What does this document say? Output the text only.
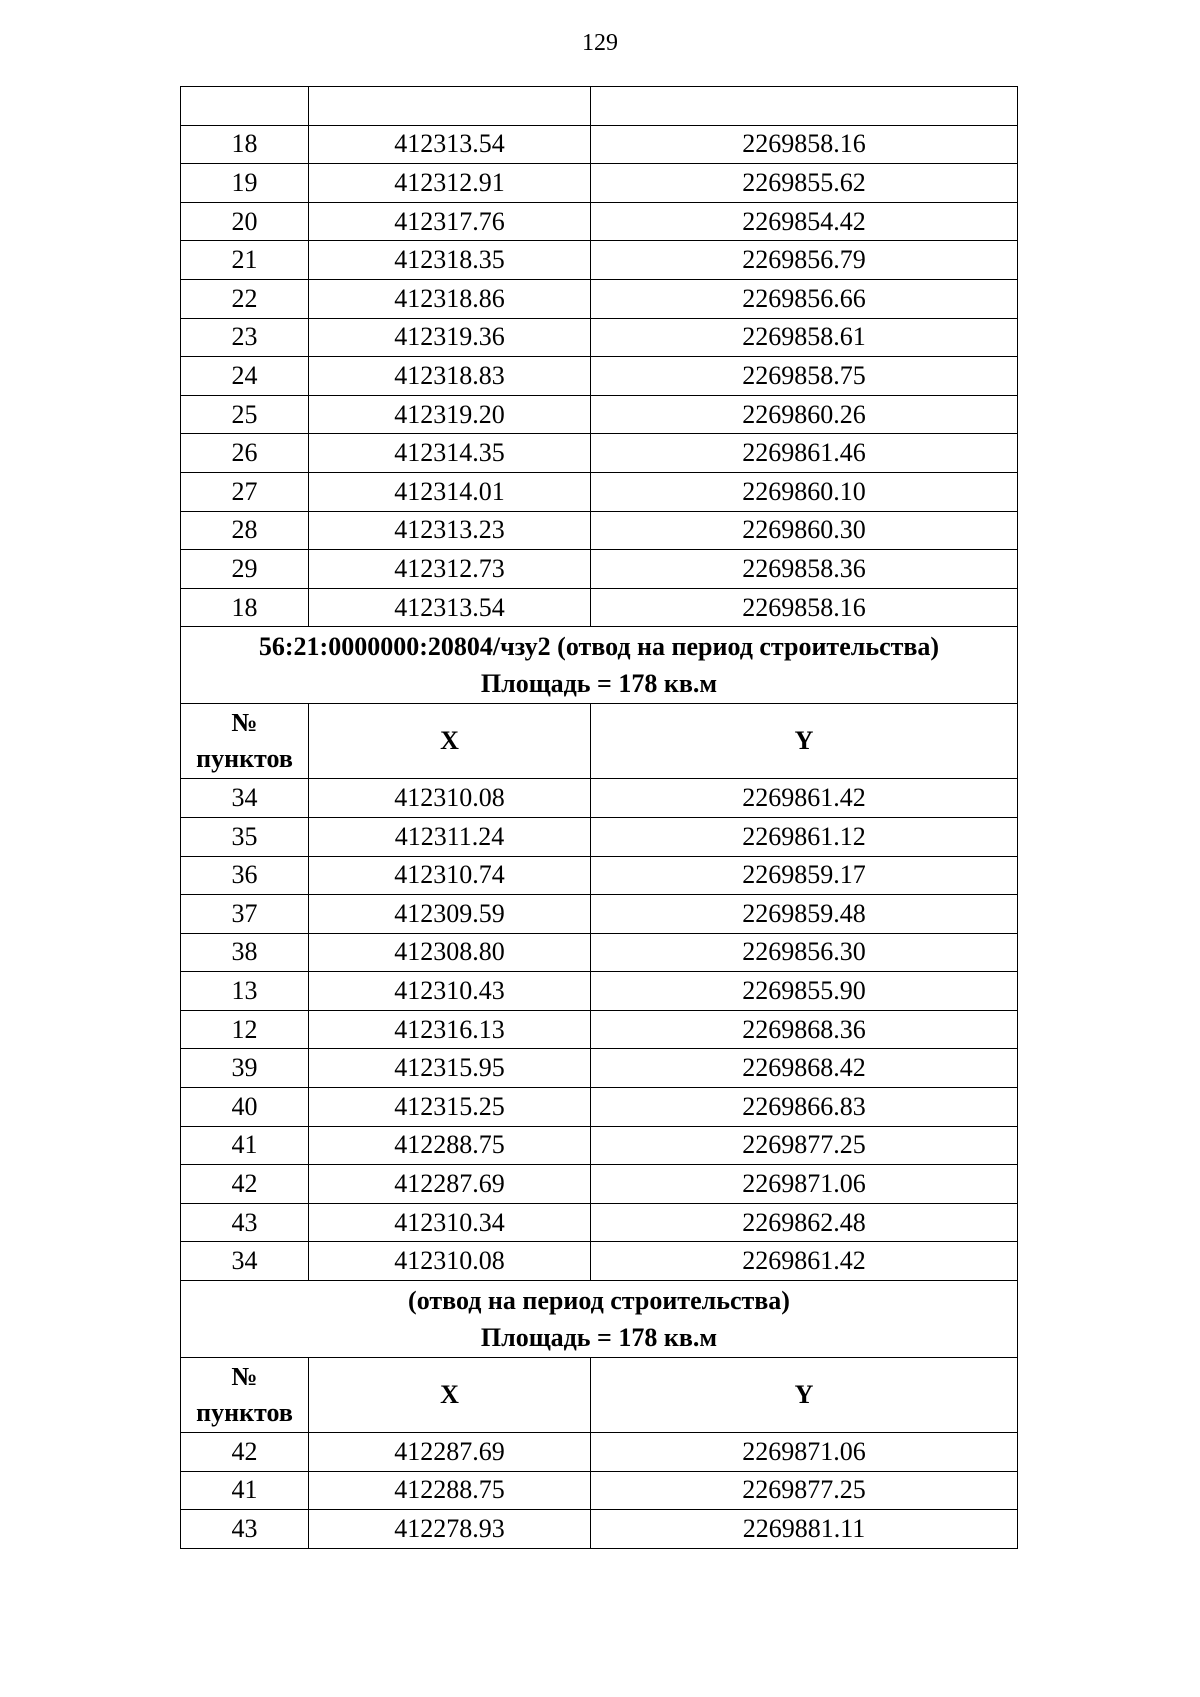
129

18	412313.54	2269858.16
19	412312.91	2269855.62
20	412317.76	2269854.42
21	412318.35	2269856.79
22	412318.86	2269856.66
23	412319.36	2269858.61
24	412318.83	2269858.75
25	412319.20	2269860.26
26	412314.35	2269861.46
27	412314.01	2269860.10
28	412313.23	2269860.30
29	412312.73	2269858.36
18	412313.54	2269858.16

56:21:0000000:20804/чзу2 (отвод на период строительства)
Площадь = 178 кв.м		

№
пунктов	X	Y
34	412310.08	2269861.42
35	412311.24	2269861.12
36	412310.74	2269859.17
37	412309.59	2269859.48
38	412308.80	2269856.30
13	412310.43	2269855.90
12	412316.13	2269868.36
39	412315.95	2269868.42
40	412315.25	2269866.83
41	412288.75	2269877.25
42	412287.69	2269871.06
43	412310.34	2269862.48
34	412310.08	2269861.42

(отвод на период строительства)
Площадь = 178 кв.м		

№
пунктов	X	Y
42	412287.69	2269871.06
41	412288.75	2269877.25
43	412278.93	2269881.11
